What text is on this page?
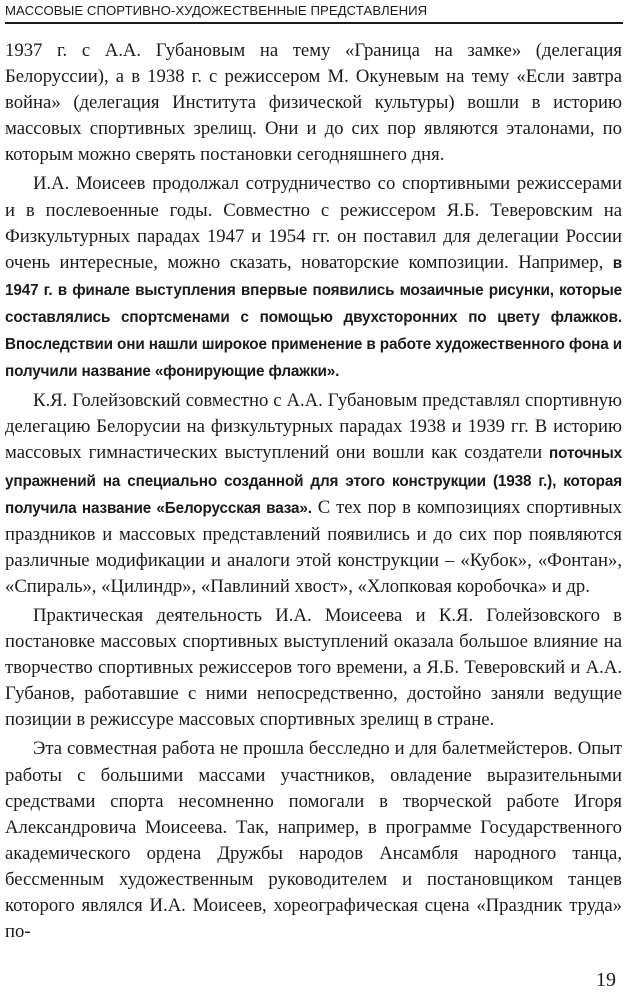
МАССОВЫЕ СПОРТИВНО-ХУДОЖЕСТВЕННЫЕ ПРЕДСТАВЛЕНИЯ

1937 г. с А.А. Губановым на тему «Граница на замке» (делегация Белоруссии), а в 1938 г. с режиссером М. Окуневым на тему «Если завтра война» (делегация Института физической культуры) вошли в историю массовых спортивных зрелищ. Они и до сих пор являются эталонами, по которым можно сверять постановки сегодняшнего дня.

И.А. Моисеев продолжал сотрудничество со спортивными режиссерами и в послевоенные годы. Совместно с режиссером Я.Б. Теверовским на Физкультурных парадах 1947 и 1954 гг. он поставил для делегации России очень интересные, можно сказать, новаторские композиции. Например, в 1947 г. в финале выступления впервые появились мозаичные рисунки, которые составлялись спортсменами с помощью двухсторонних по цвету флажков. Впоследствии они нашли широкое применение в работе художественного фона и получили название «фонирующие флажки».

К.Я. Голейзовский совместно с А.А. Губановым представлял спортивную делегацию Белорусии на физкультурных парадах 1938 и 1939 гг. В историю массовых гимнастических выступлений они вошли как создатели поточных упражнений на специально созданной для этого конструкции (1938 г.), которая получила название «Белорусская ваза». С тех пор в композициях спортивных праздников и массовых представлений появились и до сих пор появляются различные модификации и аналоги этой конструкции – «Кубок», «Фонтан», «Спираль», «Цилиндр», «Павлиний хвост», «Хлопковая коробочка» и др.

Практическая деятельность И.А. Моисеева и К.Я. Голейзовского в постановке массовых спортивных выступлений оказала большое влияние на творчество спортивных режиссеров того времени, а Я.Б. Теверовский и А.А. Губанов, работавшие с ними непосредственно, достойно заняли ведущие позиции в режиссуре массовых спортивных зрелищ в стране.

Эта совместная работа не прошла бесследно и для балетмейстеров. Опыт работы с большими массами участников, овладение выразительными средствами спорта несомненно помогали в творческой работе Игоря Александровича Моисеева. Так, например, в программе Государственного академического ордена Дружбы народов Ансамбля народного танца, бессменным художественным руководителем и постановщиком танцев которого являлся И.А. Моисеев, хореографическая сцена «Праздник труда» по-

19
